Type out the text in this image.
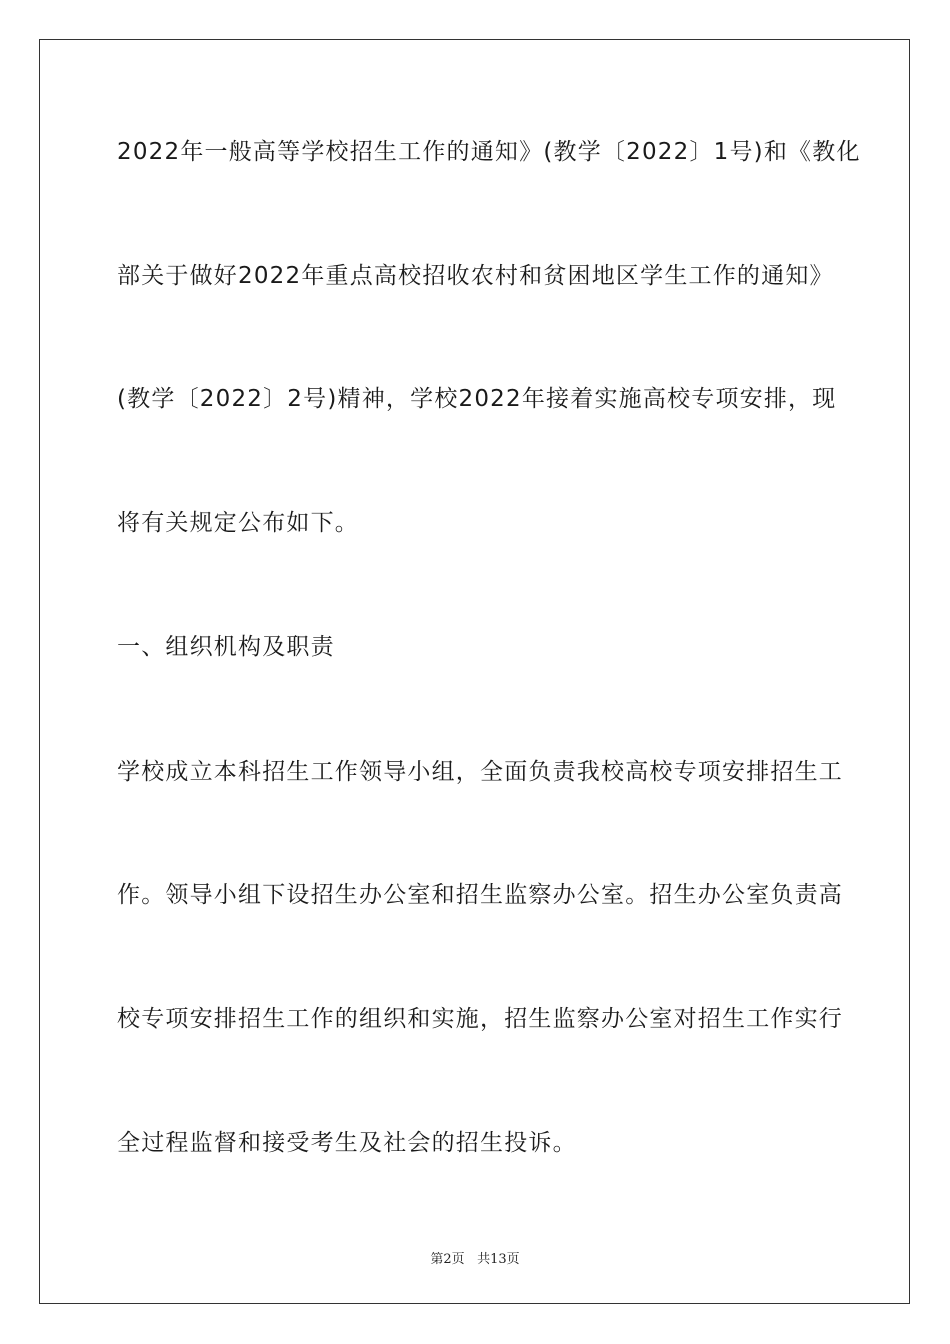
2022年一般高等学校招生工作的通知》(教学〔2022〕1号)和《教化
部关于做好2022年重点高校招收农村和贫困地区学生工作的通知》
(教学〔2022〕2号)精神，学校2022年接着实施高校专项安排，现
将有关规定公布如下。
一、组织机构及职责
学校成立本科招生工作领导小组，全面负责我校高校专项安排招生工
作。领导小组下设招生办公室和招生监察办公室。招生办公室负责高
校专项安排招生工作的组织和实施，招生监察办公室对招生工作实行
全过程监督和接受考生及社会的招生投诉。
第2页 共13页
